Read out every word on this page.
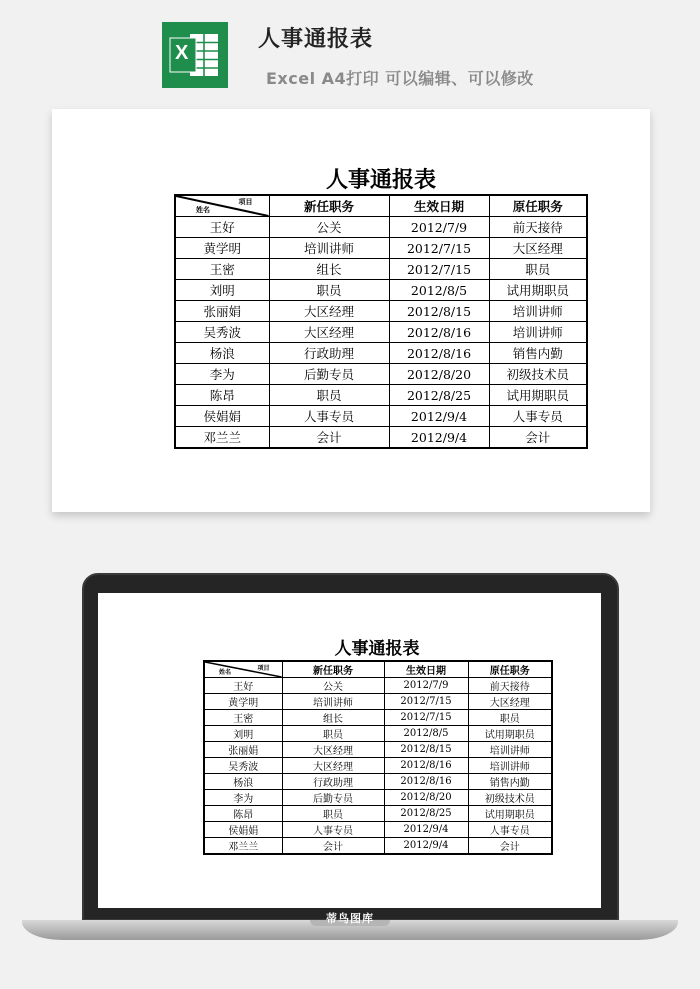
X
人事通报表
Excel A4打印 可以编辑、可以修改
人事通报表
项目
姓名	新任职务	生效日期	原任职务
王好	公关	2012/7/9	前天接待
黄学明	培训讲师	2012/7/15	大区经理
王密	组长	2012/7/15	职员
刘明	职员	2012/8/5	试用期职员
张丽娟	大区经理	2012/8/15	培训讲师
吴秀波	大区经理	2012/8/16	培训讲师
杨浪	行政助理	2012/8/16	销售内勤
李为	后勤专员	2012/8/20	初级技术员
陈昂	职员	2012/8/25	试用期职员
侯娟娟	人事专员	2012/9/4	人事专员
邓兰兰	会计	2012/9/4	会计
人事通报表
项目
姓名	新任职务	生效日期	原任职务
王好	公关	2012/7/9	前天接待
黄学明	培训讲师	2012/7/15	大区经理
王密	组长	2012/7/15	职员
刘明	职员	2012/8/5	试用期职员
张丽娟	大区经理	2012/8/15	培训讲师
吴秀波	大区经理	2012/8/16	培训讲师
杨浪	行政助理	2012/8/16	销售内勤
李为	后勤专员	2012/8/20	初级技术员
陈昂	职员	2012/8/25	试用期职员
侯娟娟	人事专员	2012/9/4	人事专员
邓兰兰	会计	2012/9/4	会计
蒂鸟图库
